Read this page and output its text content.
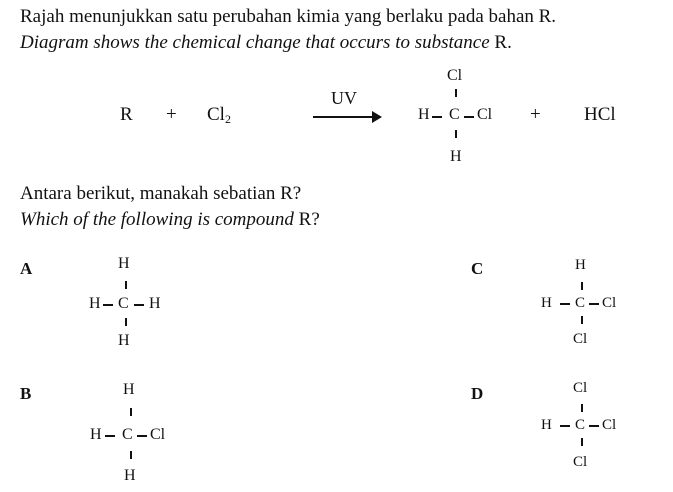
Rajah menunjukkan satu perubahan kimia yang berlaku pada bahan R.
Diagram shows the chemical change that occurs to substance R.
$R + Cl_2$
UV
Cl
H C Cl
H
+ HCl
Antara berikut, manakah sebatian R?
Which of the following is compound R?
A	H
H C H
H
B	H
H C Cl
H
C	H
H C Cl
Cl
D	Cl
H C Cl
Cl
